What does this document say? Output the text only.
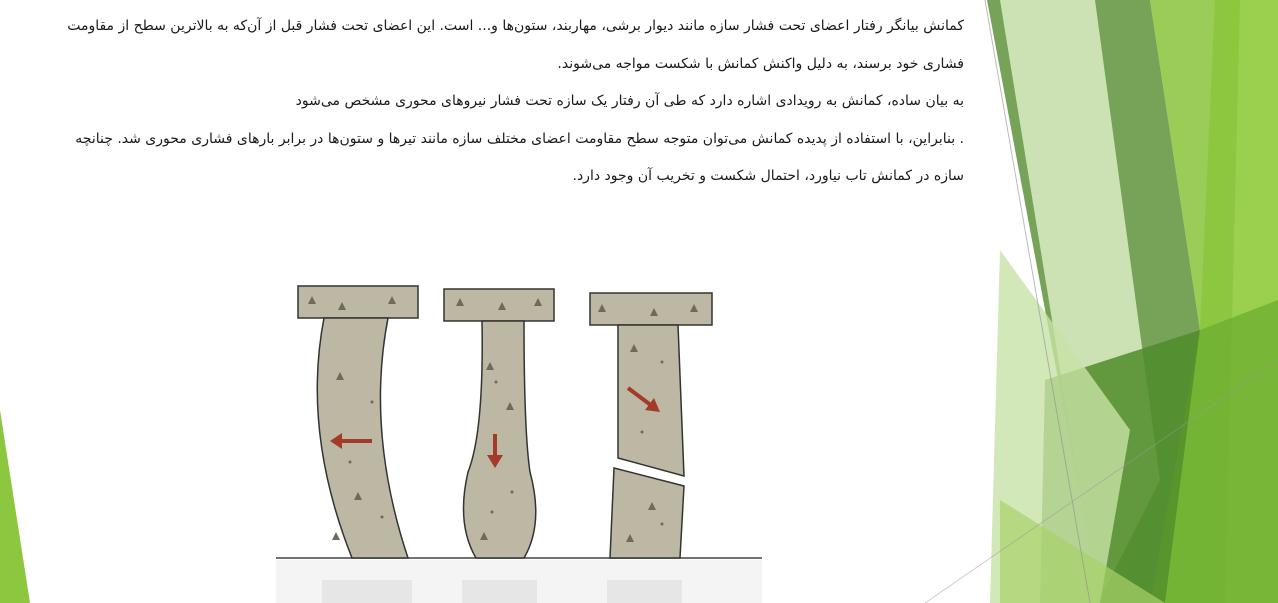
کمانش بیانگر رفتار اعضای تحت فشار سازه مانند دیوار برشی، مهاربند، ستون‌ها و... است. این اعضای تحت فشار قبل از آن‌که به بالاترین سطح از مقاومت فشاری خود برسند، به دلیل واکنش کمانش با شکست مواجه می‌شوند.

به بیان ساده، کمانش به رویدادی اشاره دارد که طی آن رفتار یک سازه تحت فشار نیروهای محوری مشخص می‌شود

. بنابراین، با استفاده از پدیده کمانش می‌توان متوجه سطح مقاومت اعضای مختلف سازه مانند تیرها و ستون‌ها در برابر بارهای فشاری محوری شد. چنانچه سازه در کمانش تاب نیاورد، احتمال شکست و تخریب آن وجود دارد.
